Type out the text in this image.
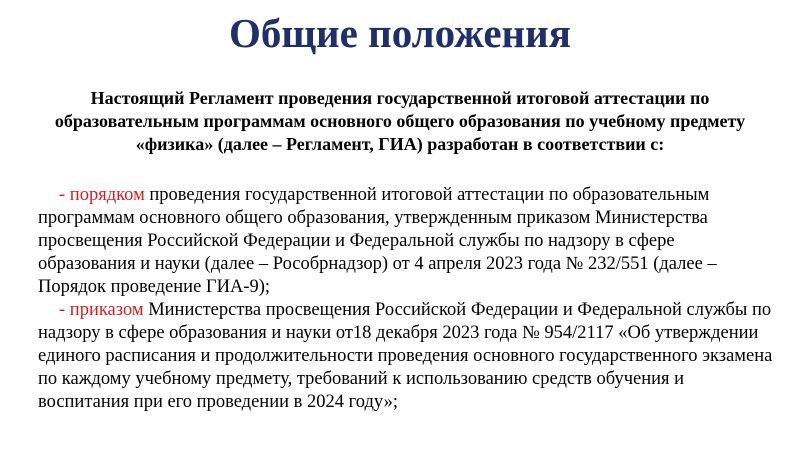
Общие положения

Настоящий Регламент проведения государственной итоговой аттестации по образовательным программам основного общего образования по учебному предмету «физика» (далее – Регламент, ГИА) разработан в соответствии с:

- порядком проведения государственной итоговой аттестации по образовательным программам основного общего образования, утвержденным приказом Министерства просвещения Российской Федерации и Федеральной службы по надзору в сфере образования и науки (далее – Рособрнадзор) от 4 апреля 2023 года № 232/551 (далее – Порядок проведение ГИА-9);

- приказом Министерства просвещения Российской Федерации и Федеральной службы по надзору в сфере образования и науки от18 декабря 2023 года № 954/2117 «Об утверждении единого расписания и продолжительности проведения основного государственного экзамена по каждому учебному предмету, требований к использованию средств обучения и воспитания при его проведении в 2024 году»;
